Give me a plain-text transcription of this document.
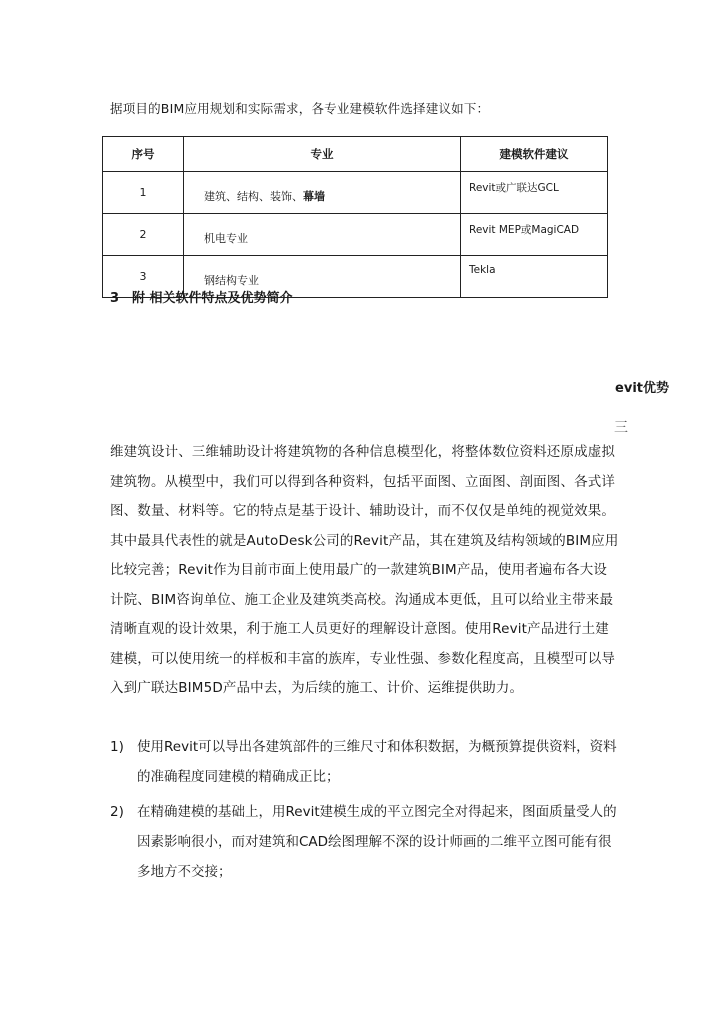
据项目的BIM应用规划和实际需求，各专业建模软件选择建议如下：
序号	专业	建模软件建议
1	建筑、结构、装饰、幕墙	Revit或广联达GCL
2	机电专业	Revit MEP或MagiCAD
3	钢结构专业	Tekla
3 附 相关软件特点及优势简介
evit优势
三

维建筑设计、三维辅助设计将建筑物的各种信息模型化，将整体数位资料还原成虚拟建筑物。从模型中，我们可以得到各种资料，包括平面图、立面图、剖面图、各式详图、数量、材料等。它的特点是基于设计、辅助设计，而不仅仅是单纯的视觉效果。其中最具代表性的就是AutoDesk公司的Revit产品，其在建筑及结构领域的BIM应用比较完善；Revit作为目前市面上使用最广的一款建筑BIM产品，使用者遍布各大设计院、BIM咨询单位、施工企业及建筑类高校。沟通成本更低，且可以给业主带来最清晰直观的设计效果，利于施工人员更好的理解设计意图。使用Revit产品进行土建建模，可以使用统一的样板和丰富的族库，专业性强、参数化程度高，且模型可以导入到广联达BIM5D产品中去，为后续的施工、计价、运维提供助力。

1) 使用Revit可以导出各建筑部件的三维尺寸和体积数据，为概预算提供资料，资料的准确程度同建模的精确成正比；
2) 在精确建模的基础上，用Revit建模生成的平立图完全对得起来，图面质量受人的因素影响很小，而对建筑和CAD绘图理解不深的设计师画的二维平立图可能有很多地方不交接；
